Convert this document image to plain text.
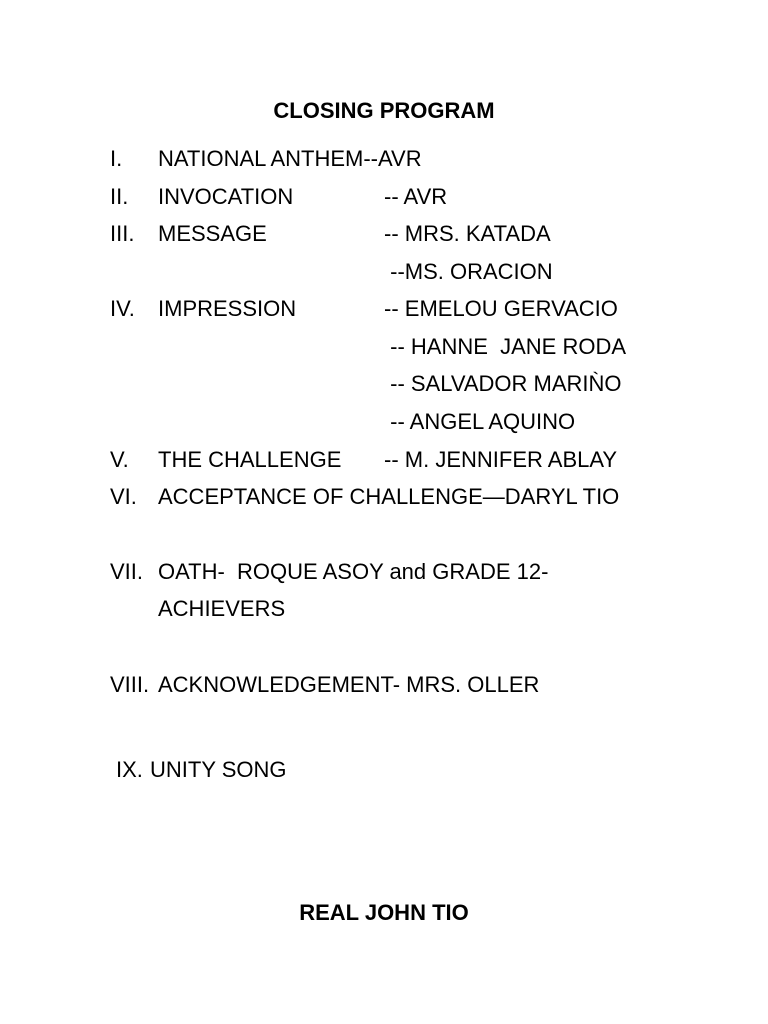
CLOSING PROGRAM
I. NATIONAL ANTHEM--AVR
II. INVOCATION	-- AVR
III. MESSAGE	-- MRS. KATADA
--MS. ORACION
IV. IMPRESSION	-- EMELOU GERVACIO
-- HANNE  JANE RODA
-- SALVADOR MARIǸO
-- ANGEL AQUINO
V. THE CHALLENGE -- M. JENNIFER ABLAY
VI. ACCEPTANCE OF CHALLENGE—DARYL TIO
VII. OATH-  ROQUE ASOY and GRADE 12-
ACHIEVERS
VIII. ACKNOWLEDGEMENT- MRS. OLLER
IX. UNITY SONG
REAL JOHN TIO
